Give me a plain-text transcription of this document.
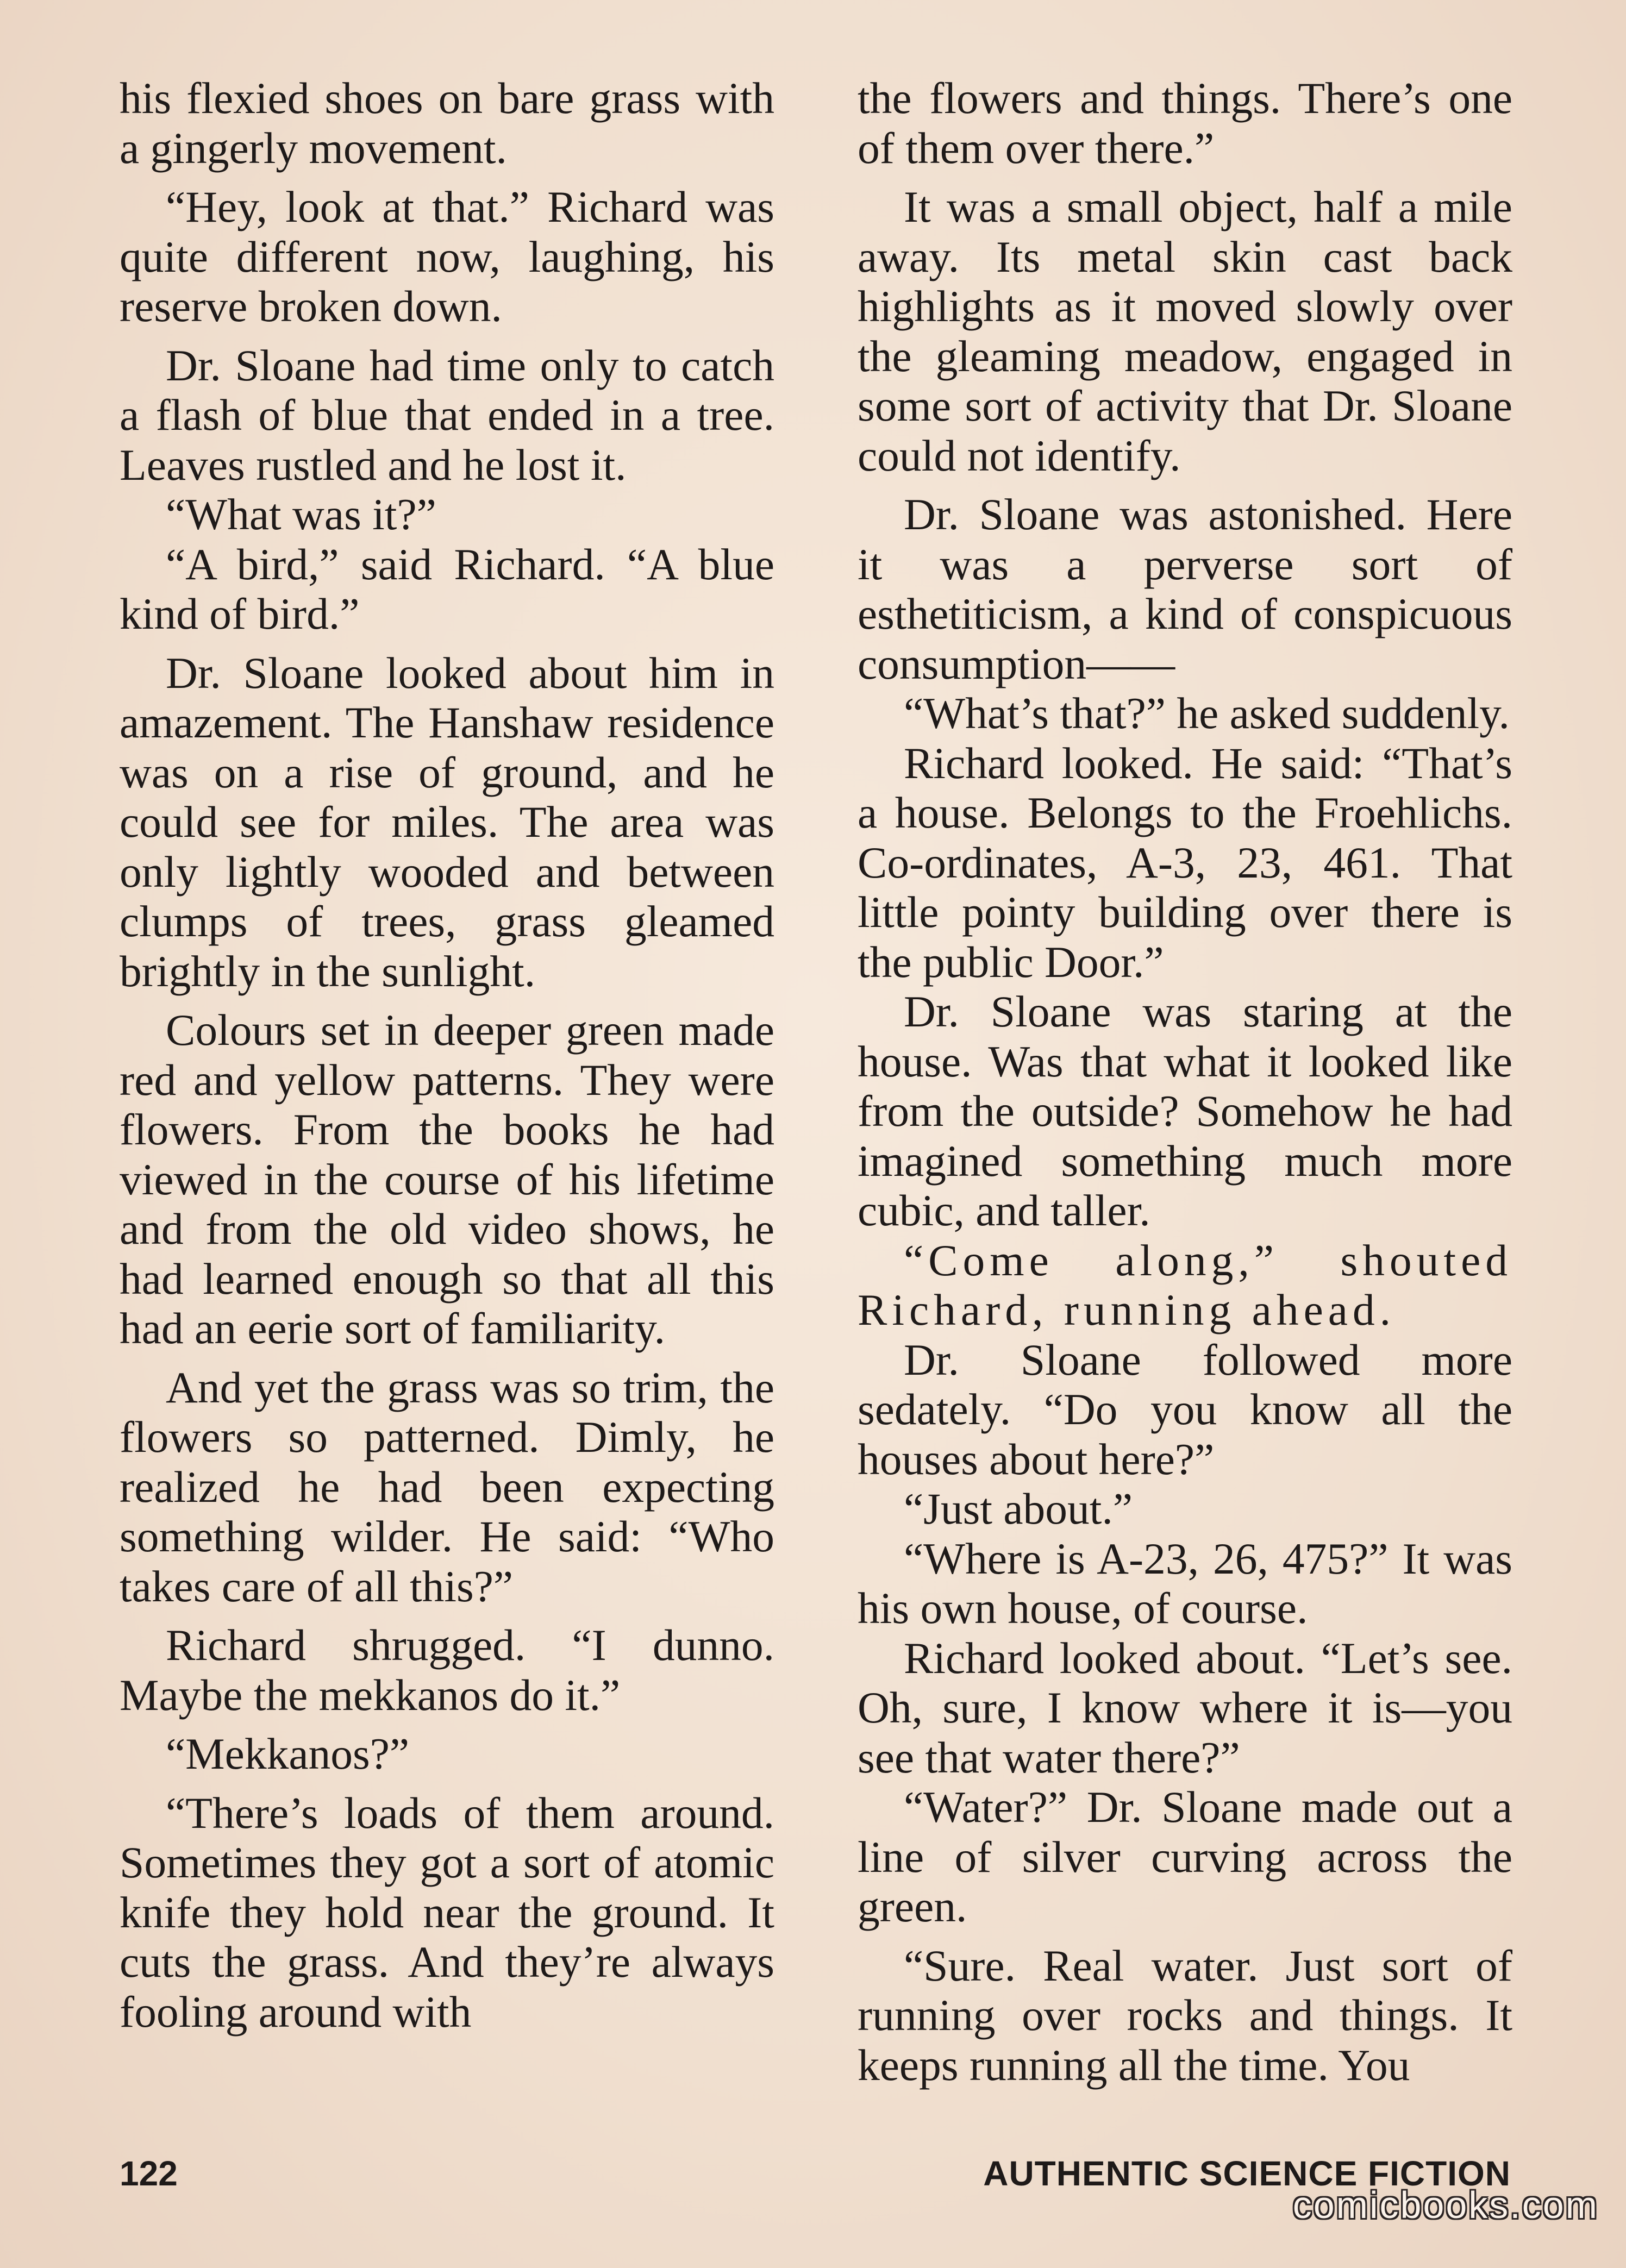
his flexied shoes on bare grass with a gingerly movement.

“Hey, look at that.” Richard was quite different now, laughing, his reserve broken down.

Dr. Sloane had time only to catch a flash of blue that ended in a tree. Leaves rustled and he lost it.

“What was it?”

“A bird,” said Richard. “A blue kind of bird.”

Dr. Sloane looked about him in amazement. The Hanshaw residence was on a rise of ground, and he could see for miles. The area was only lightly wooded and between clumps of trees, grass gleamed brightly in the sunlight.

Colours set in deeper green made red and yellow patterns. They were flowers. From the books he had viewed in the course of his lifetime and from the old video shows, he had learned enough so that all this had an eerie sort of familiarity.

And yet the grass was so trim, the flowers so patterned. Dimly, he realized he had been expecting something wilder. He said: “Who takes care of all this?”

Richard shrugged. “I dunno. Maybe the mekkanos do it.”

“Mekkanos?”

“There’s loads of them around. Sometimes they got a sort of atomic knife they hold near the ground. It cuts the grass. And they’re always fooling around with

the flowers and things. There’s one of them over there.”

It was a small object, half a mile away. Its metal skin cast back highlights as it moved slowly over the gleaming meadow, engaged in some sort of activity that Dr. Sloane could not identify.

Dr. Sloane was astonished. Here it was a perverse sort of esthetiticism, a kind of conspicuous consumption——

“What’s that?” he asked suddenly.

Richard looked. He said: “That’s a house. Belongs to the Froehlichs. Co-ordinates, A-3, 23, 461. That little pointy building over there is the public Door.”

Dr. Sloane was staring at the house. Was that what it looked like from the outside? Somehow he had imagined something much more cubic, and taller.

“Come along,” shouted Richard, running ahead.

Dr. Sloane followed more sedately. “Do you know all the houses about here?”

“Just about.”

“Where is A-23, 26, 475?” It was his own house, of course.

Richard looked about. “Let’s see. Oh, sure, I know where it is—you see that water there?”

“Water?” Dr. Sloane made out a line of silver curving across the green.

“Sure. Real water. Just sort of running over rocks and things. It keeps running all the time. You

122	AUTHENTIC SCIENCE FICTION
comicbooks.com
